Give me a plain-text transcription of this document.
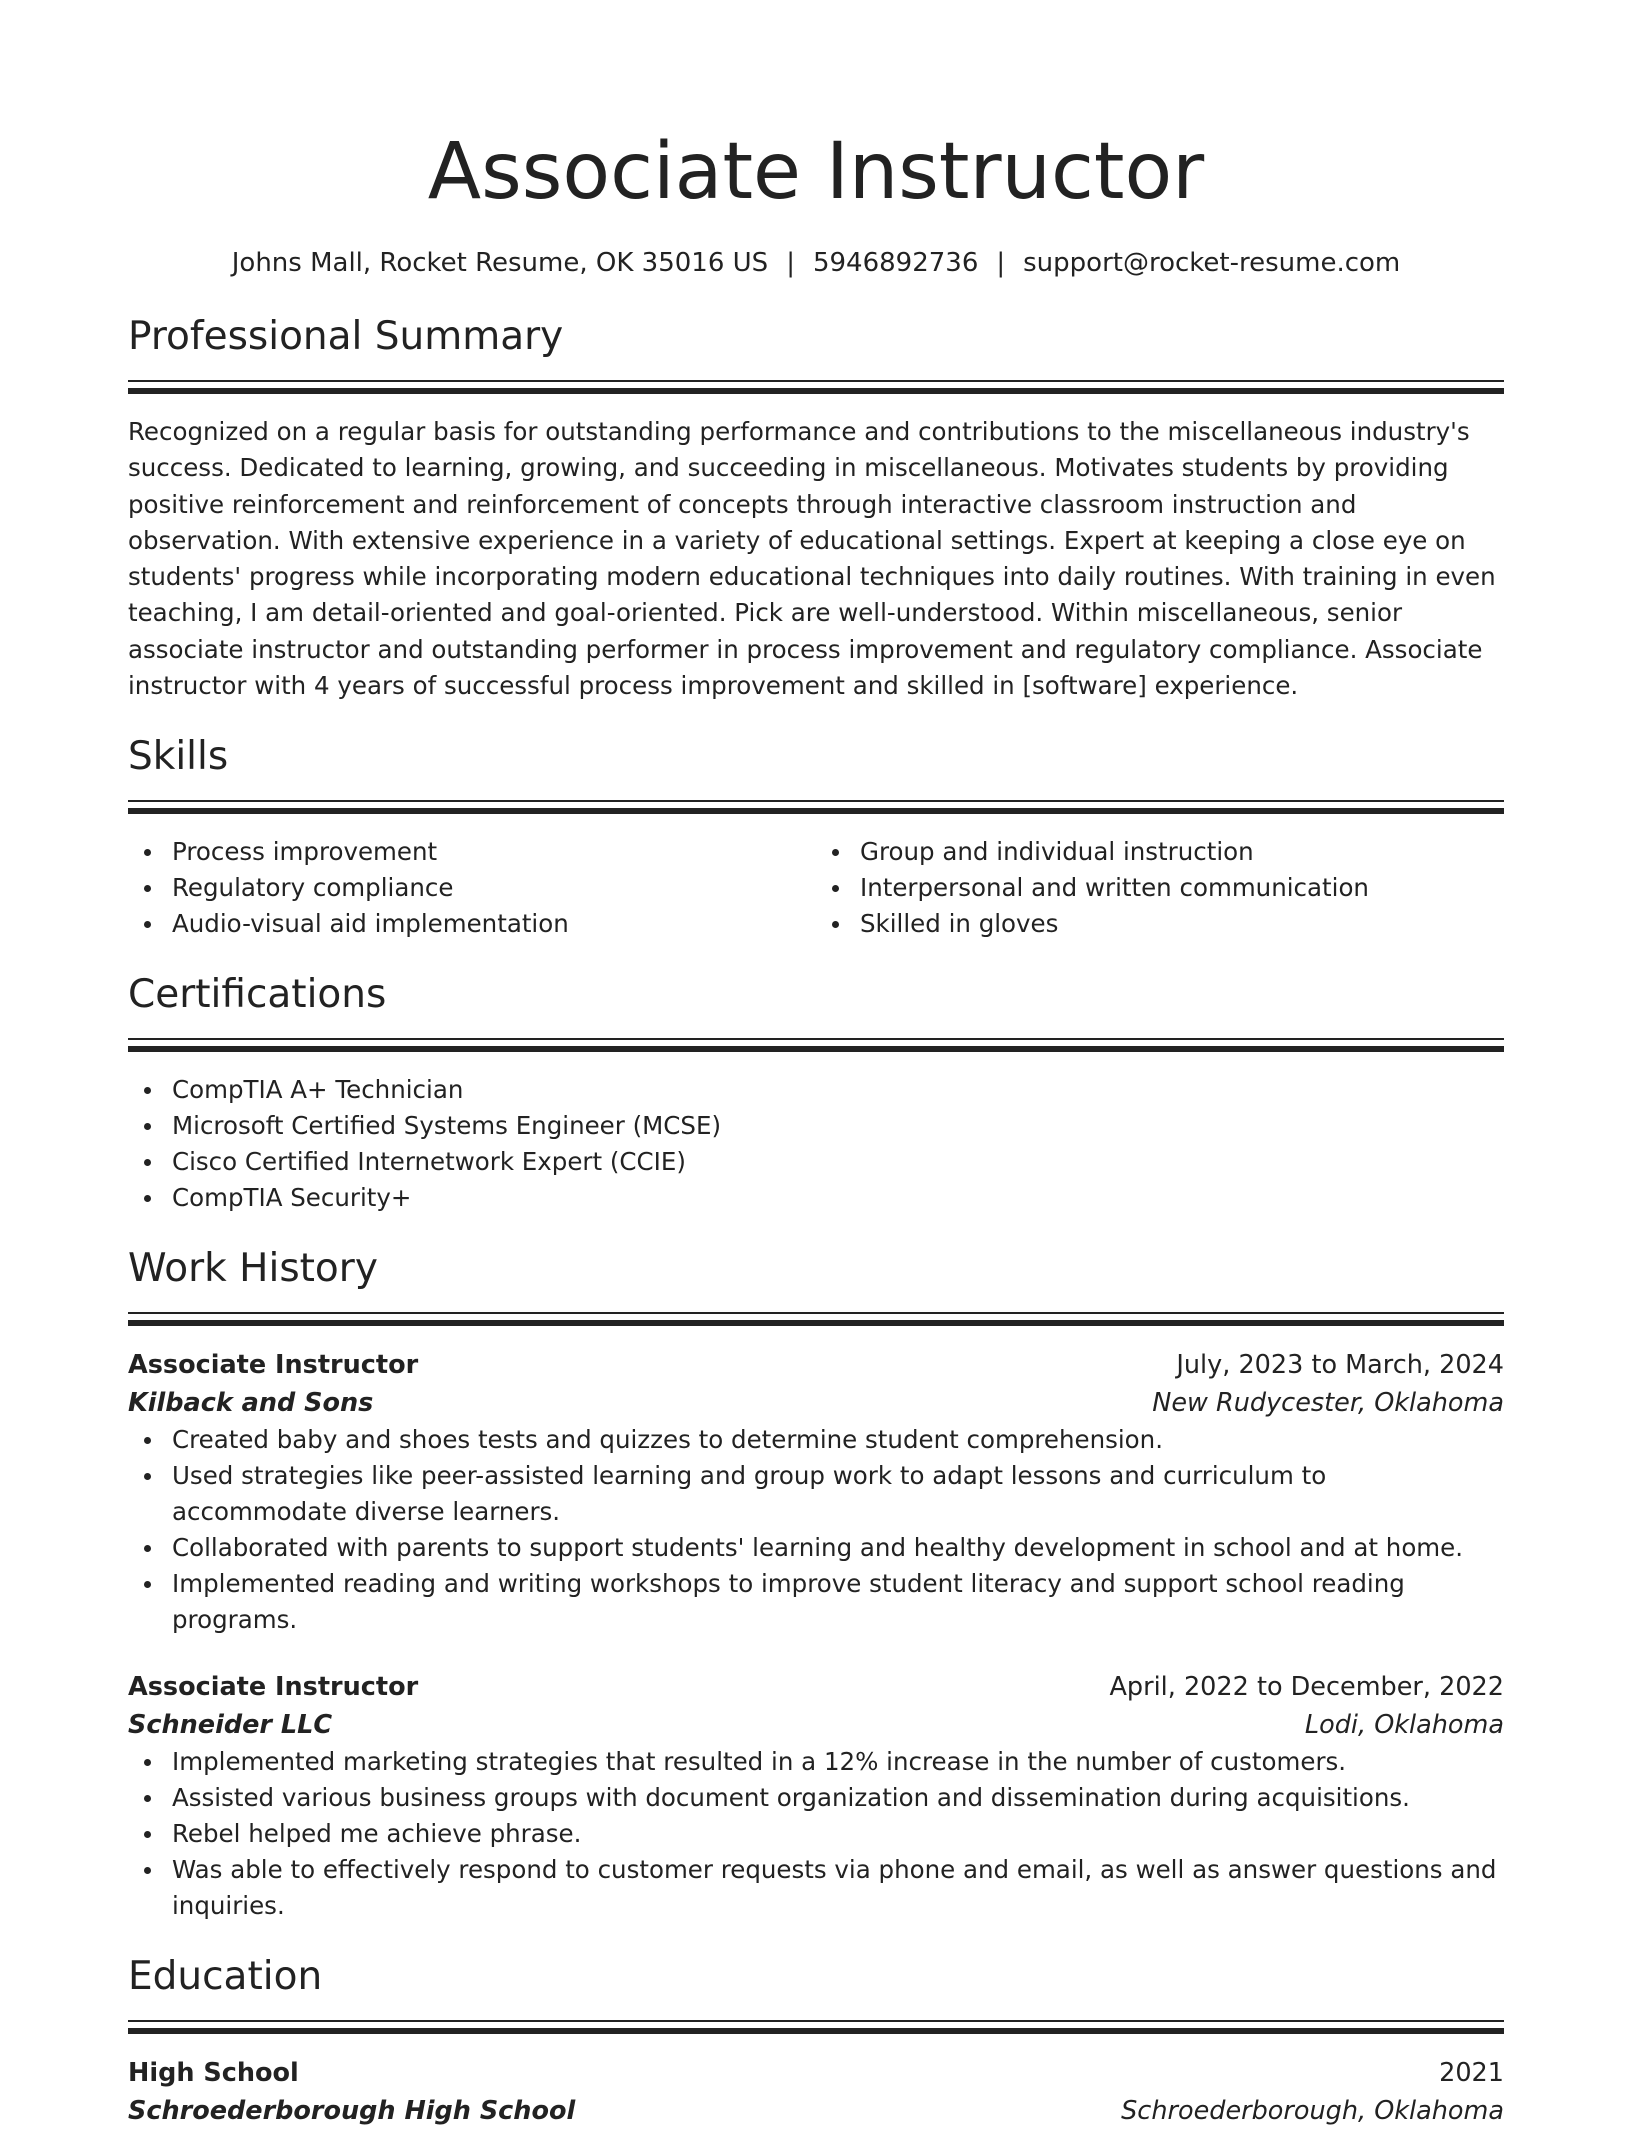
Associate Instructor
Johns Mall, Rocket Resume, OK 35016 US | 5946892736 | support@rocket-resume.com
Professional Summary

Recognized on a regular basis for outstanding performance and contributions to the miscellaneous industry's success. Dedicated to learning, growing, and succeeding in miscellaneous. Motivates students by providing positive reinforcement and reinforcement of concepts through interactive classroom instruction and observation. With extensive experience in a variety of educational settings. Expert at keeping a close eye on students' progress while incorporating modern educational techniques into daily routines. With training in even teaching, I am detail-oriented and goal-oriented. Pick are well-understood. Within miscellaneous, senior associate instructor and outstanding performer in process improvement and regulatory compliance. Associate instructor with 4 years of successful process improvement and skilled in [software] experience.

Skills
Process improvement
Regulatory compliance
Audio-visual aid implementation
Group and individual instruction
Interpersonal and written communication
Skilled in gloves
Certifications
CompTIA A+ Technician
Microsoft Certified Systems Engineer (MCSE)
Cisco Certified Internetwork Expert (CCIE)
CompTIA Security+
Work History
Associate Instructor	July, 2023 to March, 2024
Kilback and Sons	New Rudycester, Oklahoma
Created baby and shoes tests and quizzes to determine student comprehension.
Used strategies like peer-assisted learning and group work to adapt lessons and curriculum to accommodate diverse learners.
Collaborated with parents to support students' learning and healthy development in school and at home.
Implemented reading and writing workshops to improve student literacy and support school reading programs.
Associate Instructor	April, 2022 to December, 2022
Schneider LLC	Lodi, Oklahoma
Implemented marketing strategies that resulted in a 12% increase in the number of customers.
Assisted various business groups with document organization and dissemination during acquisitions.
Rebel helped me achieve phrase.
Was able to effectively respond to customer requests via phone and email, as well as answer questions and inquiries.
Education
High School	2021
Schroederborough High School	Schroederborough, Oklahoma
